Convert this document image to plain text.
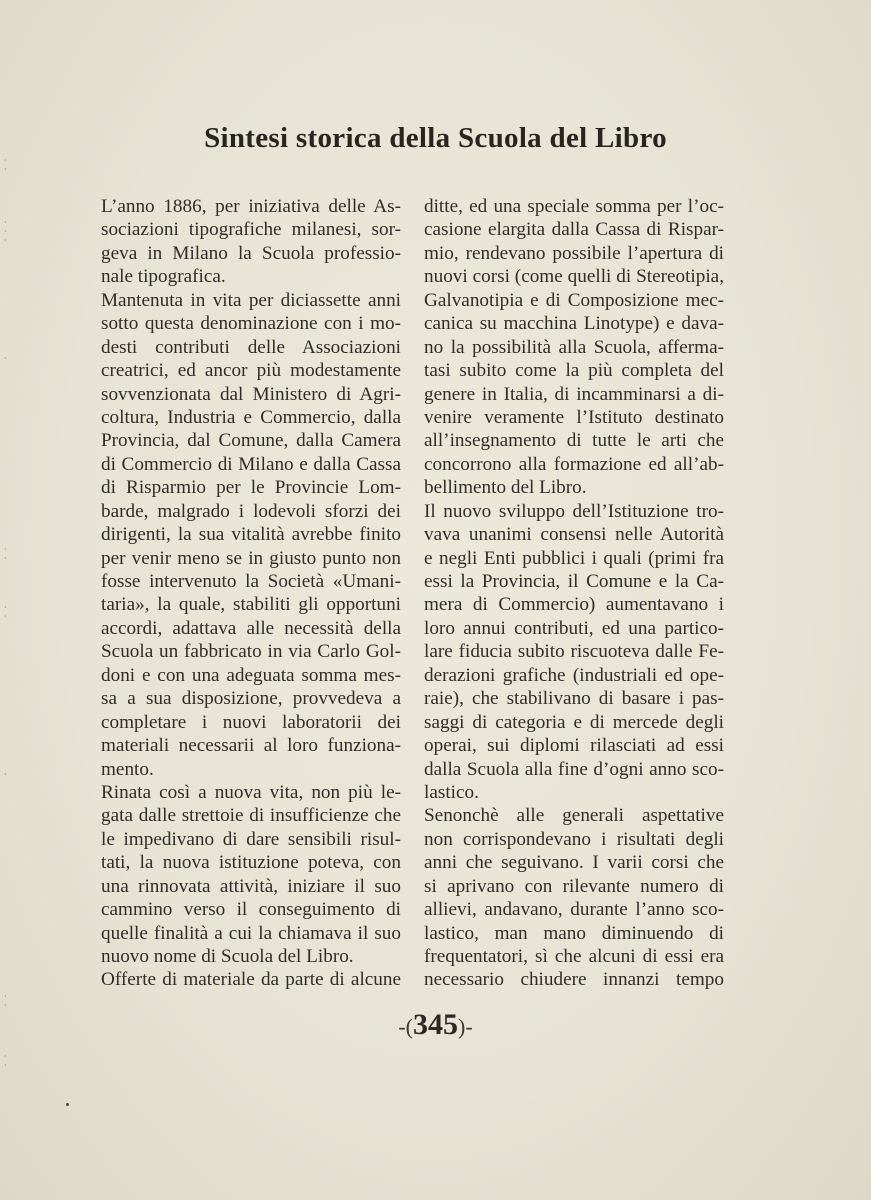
· ·
· · ·
·
· ·
· ·
·
· ·
· ·
Sintesi storica della Scuola del Libro
L’anno 1886, per iniziativa delle As-
sociazioni tipografiche milanesi, sor-
geva in Milano la Scuola professio-
nale tipografica.
Mantenuta in vita per diciassette anni
sotto questa denominazione con i mo-
desti contributi delle Associazioni
creatrici, ed ancor più modestamente
sovvenzionata dal Ministero di Agri-
coltura, Industria e Commercio, dalla
Provincia, dal Comune, dalla Camera
di Commercio di Milano e dalla Cassa
di Risparmio per le Provincie Lom-
barde, malgrado i lodevoli sforzi dei
dirigenti, la sua vitalità avrebbe finito
per venir meno se in giusto punto non
fosse intervenuto la Società «Umani-
taria», la quale, stabiliti gli opportuni
accordi, adattava alle necessità della
Scuola un fabbricato in via Carlo Gol-
doni e con una adeguata somma mes-
sa a sua disposizione, provvedeva a
completare i nuovi laboratorii dei
materiali necessarii al loro funziona-
mento.
Rinata così a nuova vita, non più le-
gata dalle strettoie di insufficienze che
le impedivano di dare sensibili risul-
tati, la nuova istituzione poteva, con
una rinnovata attività, iniziare il suo
cammino verso il conseguimento di
quelle finalità a cui la chiamava il suo
nuovo nome di Scuola del Libro.
Offerte di materiale da parte di alcune
ditte, ed una speciale somma per l’oc-
casione elargita dalla Cassa di Rispar-
mio, rendevano possibile l’apertura di
nuovi corsi (come quelli di Stereotipia,
Galvanotipia e di Composizione mec-
canica su macchina Linotype) e dava-
no la possibilità alla Scuola, afferma-
tasi subito come la più completa del
genere in Italia, di incamminarsi a di-
venire veramente l’Istituto destinato
all’insegnamento di tutte le arti che
concorrono alla formazione ed all’ab-
bellimento del Libro.
Il nuovo sviluppo dell’Istituzione tro-
vava unanimi consensi nelle Autorità
e negli Enti pubblici i quali (primi fra
essi la Provincia, il Comune e la Ca-
mera di Commercio) aumentavano i
loro annui contributi, ed una partico-
lare fiducia subito riscuoteva dalle Fe-
derazioni grafiche (industriali ed ope-
raie), che stabilivano di basare i pas-
saggi di categoria e di mercede degli
operai, sui diplomi rilasciati ad essi
dalla Scuola alla fine d’ogni anno sco-
lastico.
Senonchè alle generali aspettative
non corrispondevano i risultati degli
anni che seguivano. I varii corsi che
si aprivano con rilevante numero di
allievi, andavano, durante l’anno sco-
lastico, man mano diminuendo di
frequentatori, sì che alcuni di essi era
necessario chiudere innanzi tempo
-(345)-
